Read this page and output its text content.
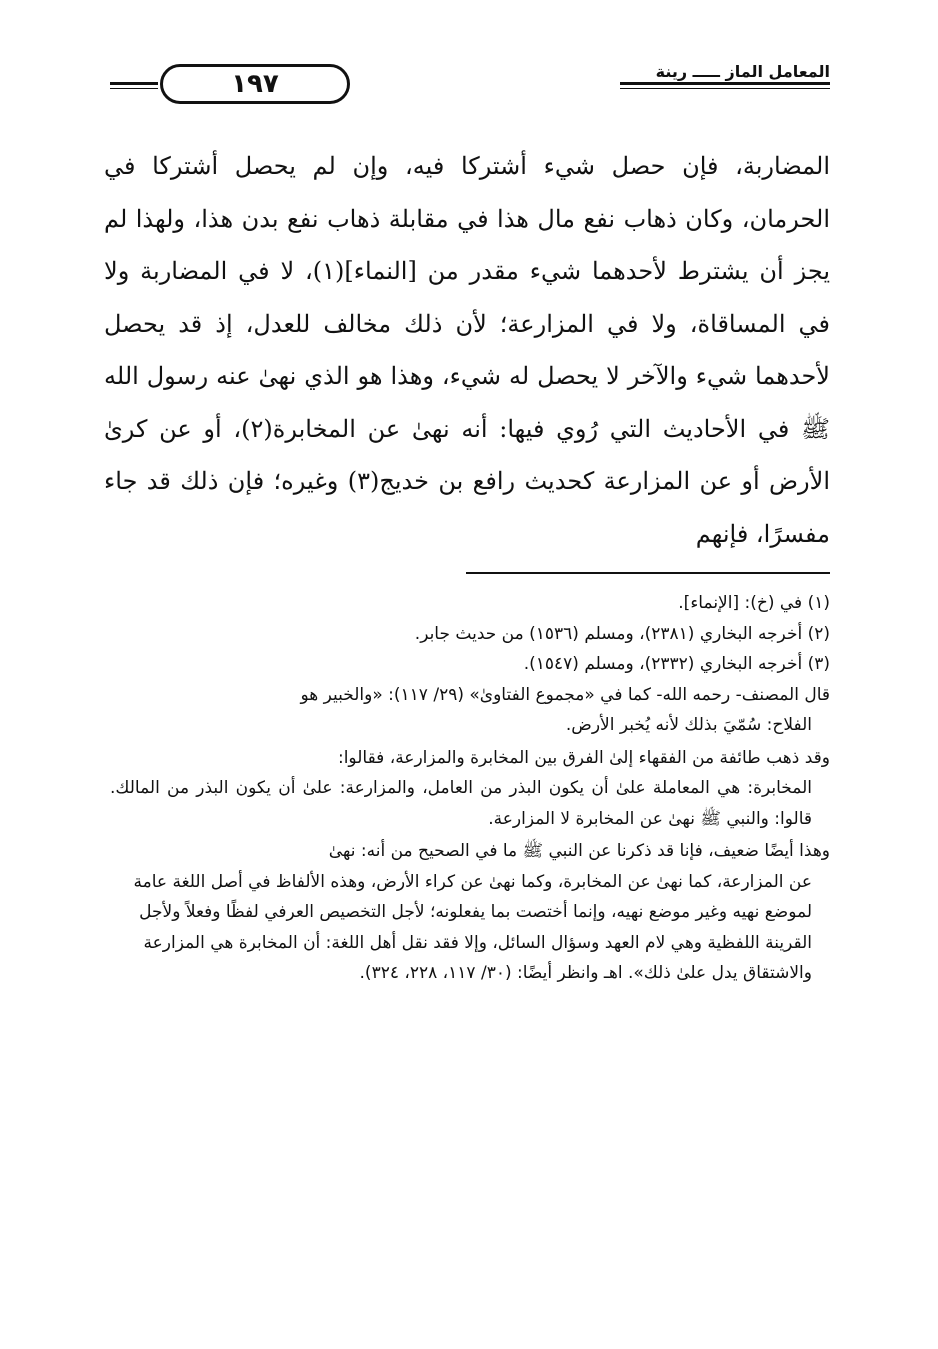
١٩٧	المعامل الماز ـــــ رينة

المضاربة، فإن حصل شيء أشتركا فيه، وإن لم يحصل أشتركا في الحرمان، وكان ذهاب نفع مال هذا في مقابلة ذهاب نفع بدن هذا، ولهذا لم يجز أن يشترط لأحدهما شيء مقدر من [النماء](١)، لا في المضاربة ولا في المساقاة، ولا في المزارعة؛ لأن ذلك مخالف للعدل، إذ قد يحصل لأحدهما شيء والآخر لا يحصل له شيء، وهذا هو الذي نهىٰ عنه رسول الله ﷺ في الأحاديث التي رُوي فيها: أنه نهىٰ عن المخابرة(٢)، أو عن كرىٰ الأرض أو عن المزارعة كحديث رافع بن خديج(٣) وغيره؛ فإن ذلك قد جاء مفسرًا، فإنهم

(١) في (خ): [الإنماء].

(٢) أخرجه البخاري (٢٣٨١)، ومسلم (١٥٣٦) من حديث جابر.

(٣) أخرجه البخاري (٢٣٣٢)، ومسلم (١٥٤٧).

قال المصنف- رحمه الله- كما في «مجموع الفتاوىٰ» (٢٩/ ١١٧): «والخبير هو

الفلاح: سُمّيَ بذلك لأنه يُخبر الأرض.

وقد ذهب طائفة من الفقهاء إلىٰ الفرق بين المخابرة والمزارعة، فقالوا:

المخابرة: هي المعاملة علىٰ أن يكون البذر من العامل، والمزارعة: علىٰ أن يكون البذر من المالك. قالوا: والنبي ﷺ نهىٰ عن المخابرة لا المزارعة.

وهذا أيضًا ضعيف، فإنا قد ذكرنا عن النبي ﷺ ما في الصحيح من أنه: نهىٰ

عن المزارعة، كما نهىٰ عن المخابرة، وكما نهىٰ عن كراء الأرض، وهذه الألفاظ في أصل اللغة عامة لموضع نهيه وغير موضع نهيه، وإنما أختصت بما يفعلونه؛ لأجل التخصيص العرفي لفظًا وفعلاً ولأجل القرينة اللفظية وهي لام العهد وسؤال السائل، وإلا فقد نقل أهل اللغة: أن المخابرة هي المزارعة والاشتقاق يدل علىٰ ذلك». اهـ وانظر أيضًا: (٣٠/ ١١٧، ٢٢٨، ٣٢٤).
